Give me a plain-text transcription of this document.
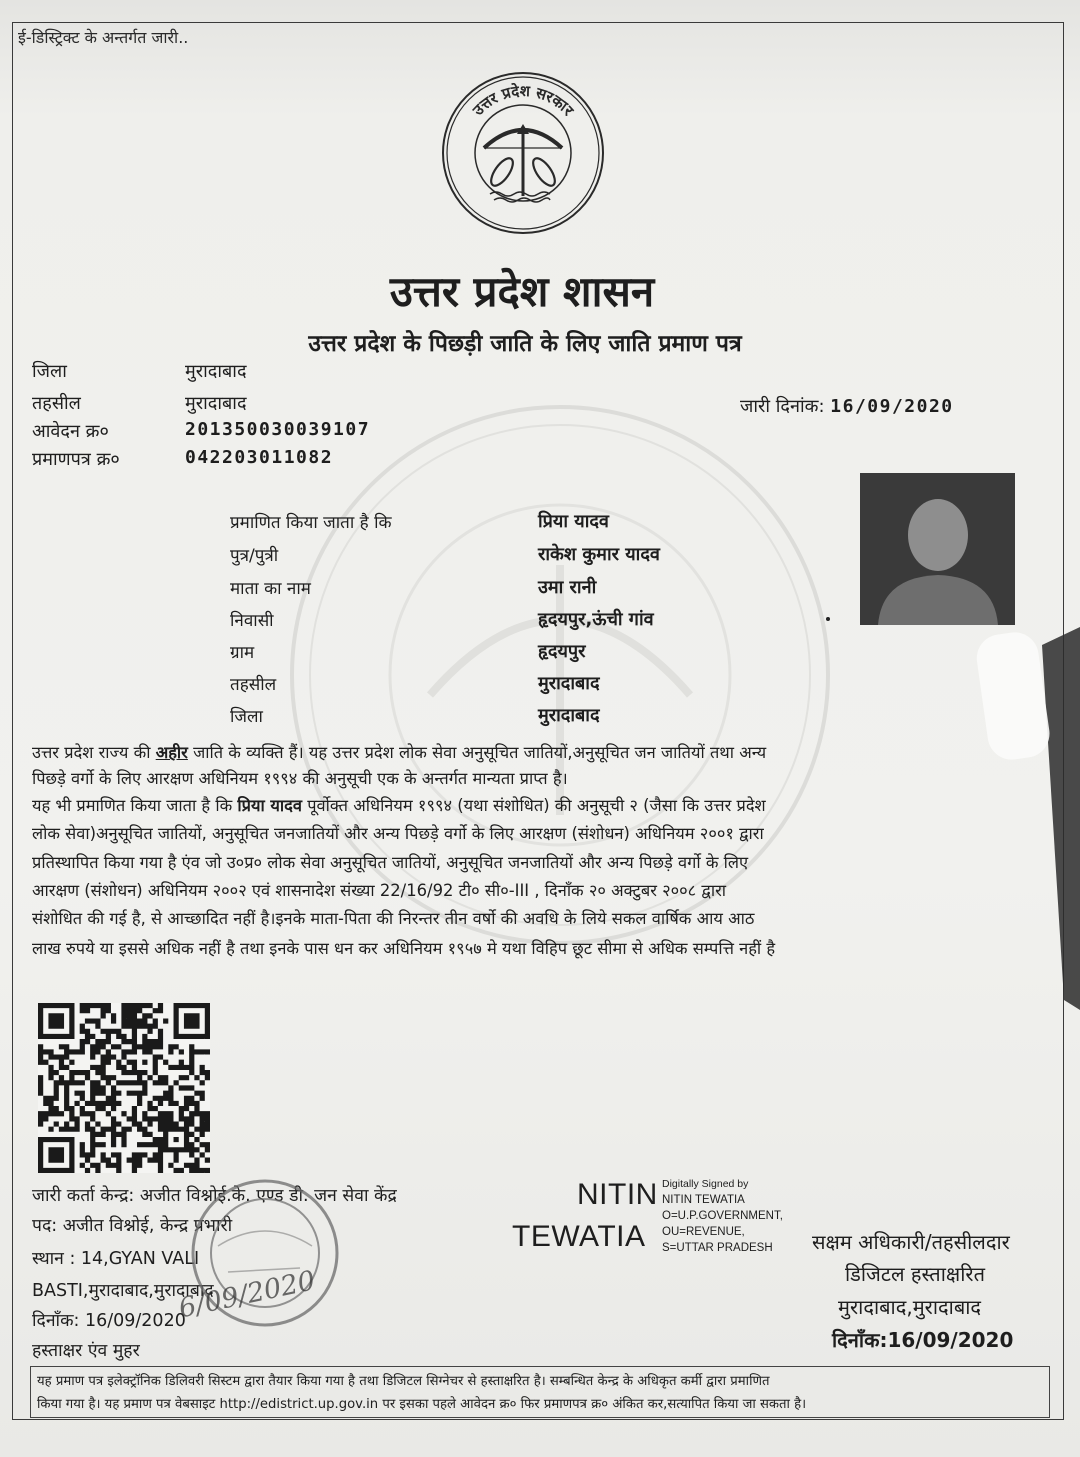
ई-डिस्ट्रिक्ट के अन्तर्गत जारी..
उत्तर प्रदेश सरकार
उत्तर प्रदेश शासन
उत्तर प्रदेश के पिछड़ी जाति के लिए जाति प्रमाण पत्र
जिला	मुरादाबाद
तहसील	मुरादाबाद
आवेदन क्र०	201350030039107
प्रमाणपत्र क्र०	042203011082
जारी दिनांक: 16/09/2020
प्रमाणित किया जाता है कि	प्रिया यादव
पुत्र/पुत्री	राकेश कुमार यादव
माता का नाम	उमा रानी
निवासी	हृदयपुर,ऊंची गांव
ग्राम	हृदयपुर
तहसील	मुरादाबाद
जिला	मुरादाबाद
उत्तर प्रदेश राज्य की अहीर जाति के व्यक्ति हैं। यह उत्तर प्रदेश लोक सेवा अनुसूचित जातियों,अनुसूचित जन जातियों तथा अन्य
पिछड़े वर्गो के लिए आरक्षण अधिनियम १९९४ की अनुसूची एक के अन्तर्गत मान्यता प्राप्त है।
यह भी प्रमाणित किया जाता है कि प्रिया यादव पूर्वोक्त अधिनियम १९९४ (यथा संशोधित) की अनुसूची २ (जैसा कि उत्तर प्रदेश
लोक सेवा)अनुसूचित जातियों, अनुसूचित जनजातियों और अन्य पिछड़े वर्गो के लिए आरक्षण (संशोधन) अधिनियम २००१ द्वारा
प्रतिस्थापित किया गया है एंव जो उ०प्र० लोक सेवा अनुसूचित जातियों, अनुसूचित जनजातियों और अन्य पिछड़े वर्गो के लिए
आरक्षण (संशोधन) अधिनियम २००२ एवं शासनादेश संख्या 22/16/92 टी० सी०-III , दिनाँक २० अक्टुबर २००८ द्वारा
संशोधित की गई है, से आच्छादित नहीं है।इनके माता-पिता की निरन्तर तीन वर्षो की अवधि के लिये सकल वार्षिक आय आठ
लाख रुपये या इससे अधिक नहीं है तथा इनके पास धन कर अधिनियम १९५७ मे यथा विहिप छूट सीमा से अधिक सम्पत्ति नहीं है
जारी कर्ता केन्द्र: अजीत विश्नोई.के. एण्ड डी. जन सेवा केंद्र
पद: अजीत विश्नोई, केन्द्र प्रभारी
स्थान : 14,GYAN VALI
BASTI,मुरादाबाद,मुरादाबाद
दिनाँक: 16/09/2020
हस्ताक्षर एंव मुहर
6/09/2020
NITIN
TEWATIA
Digitally Signed by
NITIN TEWATIA
O=U.P.GOVERNMENT,
OU=REVENUE,
S=UTTAR PRADESH	सक्षम अधिकारी/तहसीलदार
डिजिटल हस्ताक्षरित
मुरादाबाद,मुरादाबाद
दिनाँक:16/09/2020
यह प्रमाण पत्र इलेक्ट्रॉनिक डिलिवरी सिस्टम द्वारा तैयार किया गया है तथा डिजिटल सिग्नेचर से हस्ताक्षरित है। सम्बन्धित केन्द्र के अधिकृत कर्मी द्वारा प्रमाणित
किया गया है। यह प्रमाण पत्र वेबसाइट http://edistrict.up.gov.in पर इसका पहले आवेदन क्र० फिर प्रमाणपत्र क्र० अंकित कर,सत्यापित किया जा सकता है।
